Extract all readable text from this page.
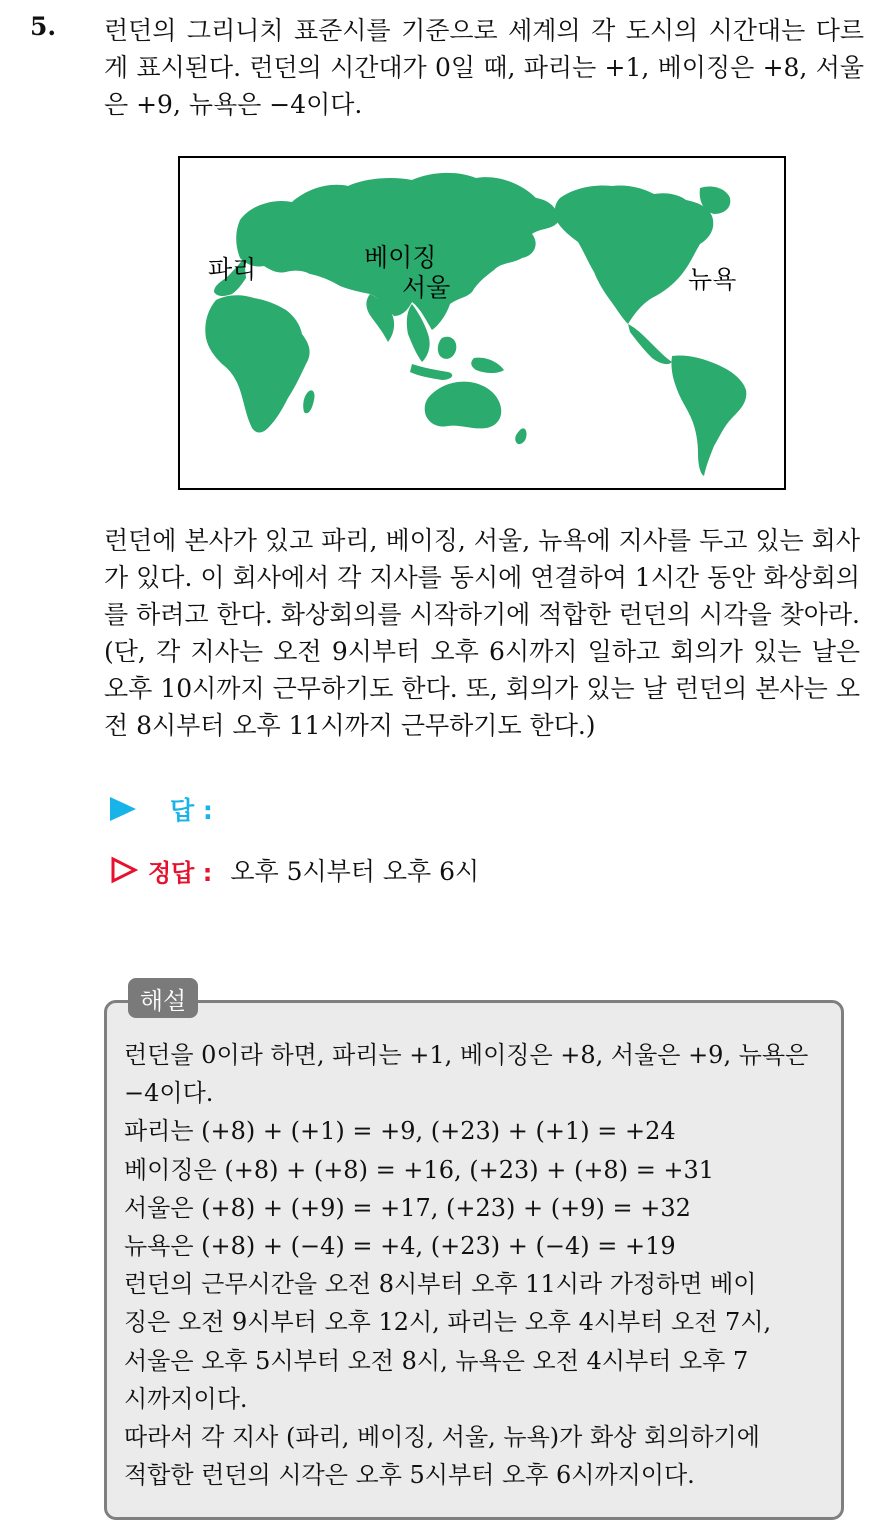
5. 런던의 그리니치 표준시를 기준으로 세계의 각 도시의 시간대는 다르게 표시된다. 런던의 시간대가 0일 때, 파리는 +1, 베이징은 +8, 서울은 +9, 뉴욕은 −4이다.

파리	베이징
서울	뉴욕

런던에 본사가 있고 파리, 베이징, 서울, 뉴욕에 지사를 두고 있는 회사가 있다. 이 회사에서 각 지사를 동시에 연결하여 1시간 동안 화상회의를 하려고 한다. 화상회의를 시작하기에 적합한 런던의 시각을 찾아라. (단, 각 지사는 오전 9시부터 오후 6시까지 일하고 회의가 있는 날은 오후 10시까지 근무하기도 한다. 또, 회의가 있는 날 런던의 본사는 오전 8시부터 오후 11시까지 근무하기도 한다.)

답 :
정답 : 오후 5시부터 오후 6시
해설
런던을 0이라 하면, 파리는 +1, 베이징은 +8, 서울은 +9, 뉴욕은
−4이다.
파리는 (+8) + (+1) = +9, (+23) + (+1) = +24
베이징은 (+8) + (+8) = +16, (+23) + (+8) = +31
서울은 (+8) + (+9) = +17, (+23) + (+9) = +32
뉴욕은 (+8) + (−4) = +4, (+23) + (−4) = +19
런던의 근무시간을 오전 8시부터 오후 11시라 가정하면 베이
징은 오전 9시부터 오후 12시, 파리는 오후 4시부터 오전 7시,
서울은 오후 5시부터 오전 8시, 뉴욕은 오전 4시부터 오후 7
시까지이다.
따라서 각 지사 (파리, 베이징, 서울, 뉴욕)가 화상 회의하기에
적합한 런던의 시각은 오후 5시부터 오후 6시까지이다.
